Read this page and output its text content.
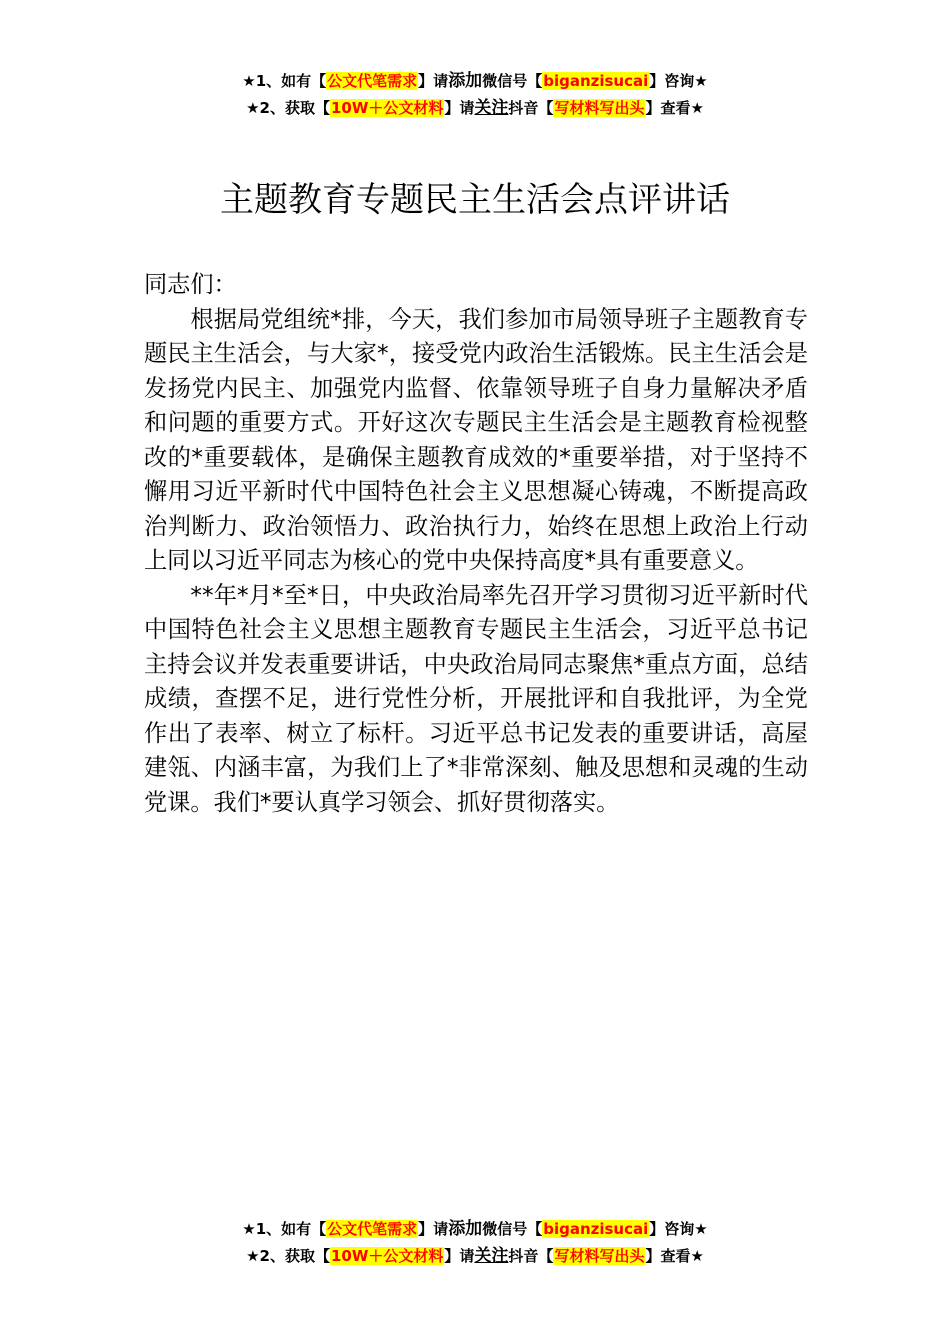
★1、如有【公文代笔需求】请添加微信号【biganzisucai】咨询★
★2、获取【10W＋公文材料】请关注抖音【写材料写出头】查看★
主题教育专题民主生活会点评讲话

同志们：

根据局党组统*排，今天，我们参加市局领导班子主题教育专题民主生活会，与大家*，接受党内政治生活锻炼。民主生活会是发扬党内民主、加强党内监督、依靠领导班子自身力量解决矛盾和问题的重要方式。开好这次专题民主生活会是主题教育检视整改的*重要载体，是确保主题教育成效的*重要举措，对于坚持不懈用习近平新时代中国特色社会主义思想凝心铸魂，不断提高政治判断力、政治领悟力、政治执行力，始终在思想上政治上行动上同以习近平同志为核心的党中央保持高度*具有重要意义。

**年*月*至*日，中央政治局率先召开学习贯彻习近平新时代中国特色社会主义思想主题教育专题民主生活会，习近平总书记主持会议并发表重要讲话，中央政治局同志聚焦*重点方面，总结成绩，查摆不足，进行党性分析，开展批评和自我批评，为全党作出了表率、树立了标杆。习近平总书记发表的重要讲话，高屋建瓴、内涵丰富，为我们上了*非常深刻、触及思想和灵魂的生动党课。我们*要认真学习领会、抓好贯彻落实。

★1、如有【公文代笔需求】请添加微信号【biganzisucai】咨询★
★2、获取【10W＋公文材料】请关注抖音【写材料写出头】查看★
